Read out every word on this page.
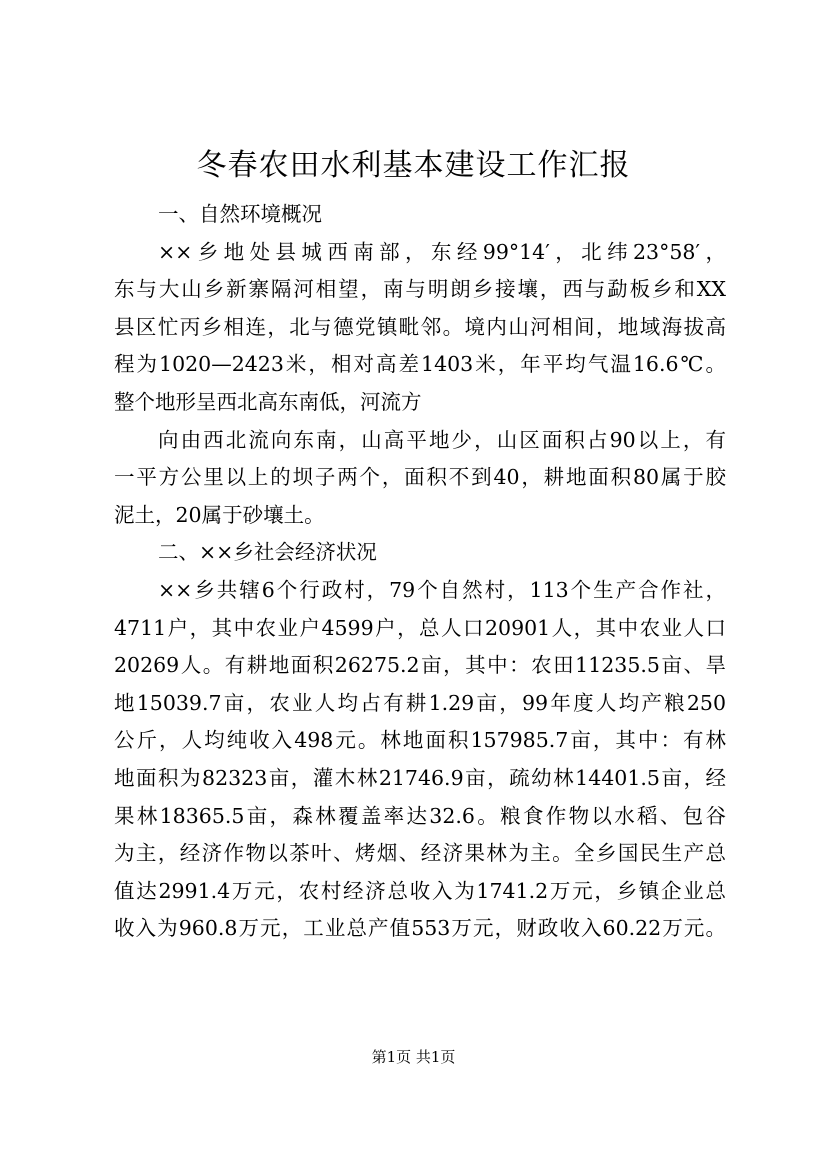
冬春农田水利基本建设工作汇报
一、自然环境概况
××乡地处县城西南部，东经99°14′，北纬23°58′，
东与大山乡新寨隔河相望，南与明朗乡接壤，西与勐板乡和XX
县区忙丙乡相连，北与德党镇毗邻。境内山河相间，地域海拔高
程为1020—2423米，相对高差1403米，年平均气温16.6℃。
整个地形呈西北高东南低，河流方
向由西北流向东南，山高平地少，山区面积占90以上，有
一平方公里以上的坝子两个，面积不到40，耕地面积80属于胶
泥土，20属于砂壤土。
二、××乡社会经济状况
××乡共辖6个行政村，79个自然村，113个生产合作社，
4711户，其中农业户4599户，总人口20901人，其中农业人口
20269人。有耕地面积26275.2亩，其中：农田11235.5亩、旱
地15039.7亩，农业人均占有耕1.29亩，99年度人均产粮250
公斤，人均纯收入498元。林地面积157985.7亩，其中：有林
地面积为82323亩，灌木林21746.9亩，疏幼林14401.5亩，经
果林18365.5亩，森林覆盖率达32.6。粮食作物以水稻、包谷
为主，经济作物以茶叶、烤烟、经济果林为主。全乡国民生产总
值达2991.4万元，农村经济总收入为1741.2万元，乡镇企业总
收入为960.8万元，工业总产值553万元，财政收入60.22万元。
第1页 共1页
